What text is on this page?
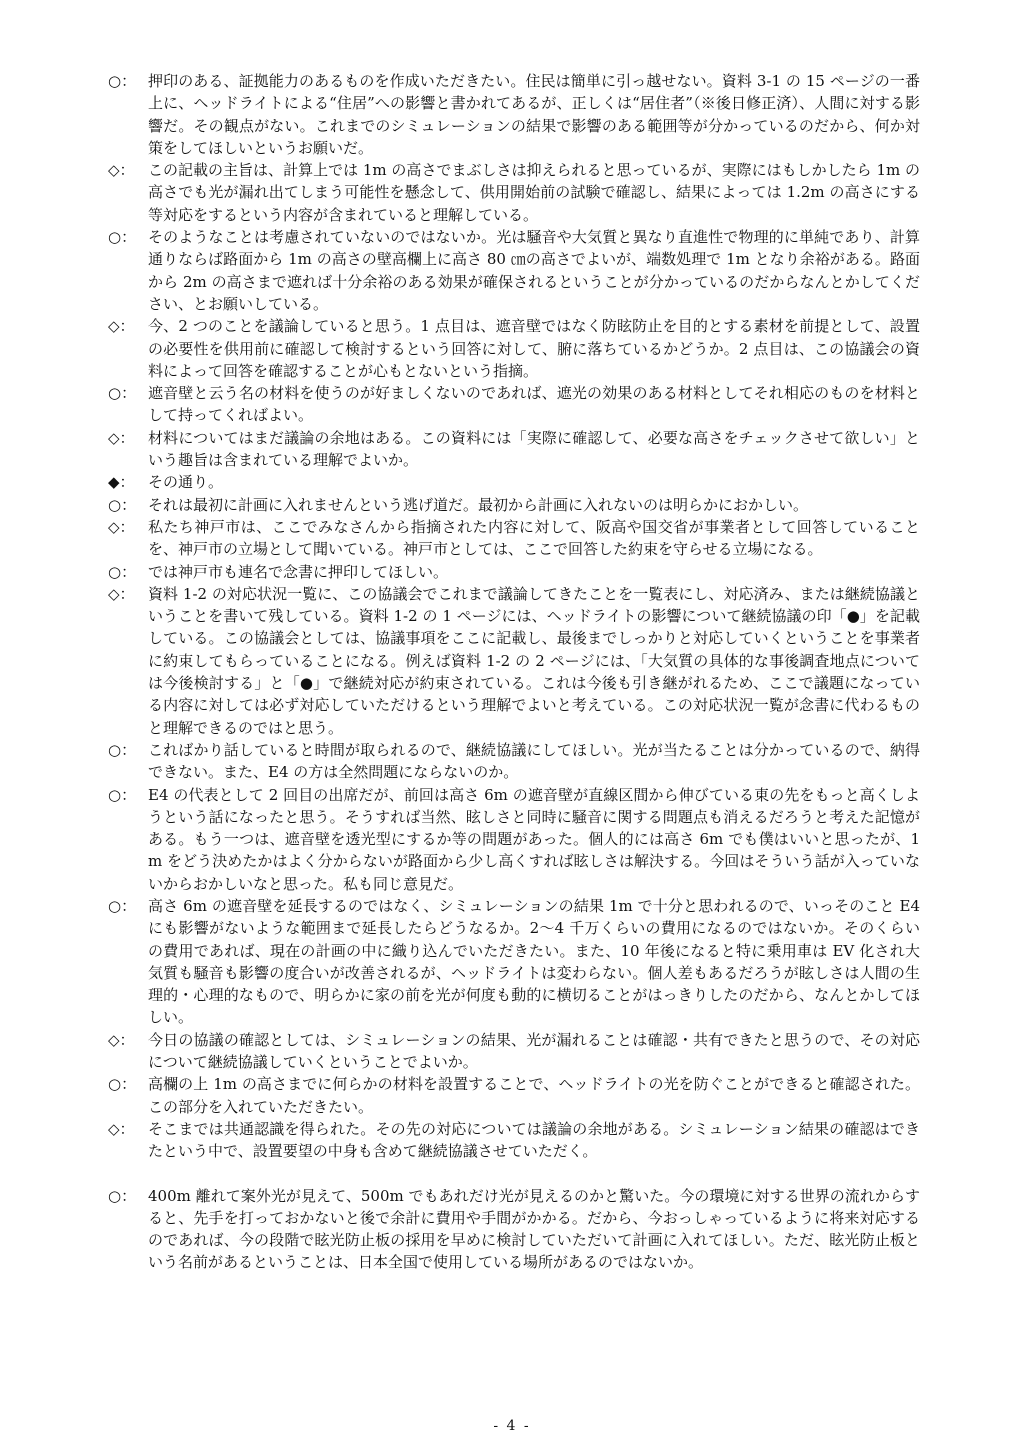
○： 押印のある、証拠能力のあるものを作成いただきたい。住民は簡単に引っ越せない。資料 3-1 の 15 ページの一番上に、ヘッドライトによる“住居”への影響と書かれてあるが、正しくは“居住者”（※後日修正済）、人間に対する影響だ。その観点がない。これまでのシミュレーションの結果で影響のある範囲等が分かっているのだから、何か対策をしてほしいというお願いだ。
◇： この記載の主旨は、計算上では 1m の高さでまぶしさは抑えられると思っているが、実際にはもしかしたら 1m の高さでも光が漏れ出てしまう可能性を懸念して、供用開始前の試験で確認し、結果によっては 1.2m の高さにする等対応をするという内容が含まれていると理解している。
○： そのようなことは考慮されていないのではないか。光は騒音や大気質と異なり直進性で物理的に単純であり、計算通りならば路面から 1m の高さの壁高欄上に高さ 80 ㎝の高さでよいが、端数処理で 1m となり余裕がある。路面から 2m の高さまで遮れば十分余裕のある効果が確保されるということが分かっているのだからなんとかしてください、とお願いしている。
◇： 今、2 つのことを議論していると思う。1 点目は、遮音壁ではなく防眩防止を目的とする素材を前提として、設置の必要性を供用前に確認して検討するという回答に対して、腑に落ちているかどうか。2 点目は、この協議会の資料によって回答を確認することが心もとないという指摘。
○： 遮音壁と云う名の材料を使うのが好ましくないのであれば、遮光の効果のある材料としてそれ相応のものを材料として持ってくればよい。
◇： 材料についてはまだ議論の余地はある。この資料には「実際に確認して、必要な高さをチェックさせて欲しい」という趣旨は含まれている理解でよいか。
◆： その通り。
○： それは最初に計画に入れませんという逃げ道だ。最初から計画に入れないのは明らかにおかしい。
◇： 私たち神戸市は、ここでみなさんから指摘された内容に対して、阪高や国交省が事業者として回答していることを、神戸市の立場として聞いている。神戸市としては、ここで回答した約束を守らせる立場になる。
○： では神戸市も連名で念書に押印してほしい。
◇： 資料 1-2 の対応状況一覧に、この協議会でこれまで議論してきたことを一覧表にし、対応済み、または継続協議ということを書いて残している。資料 1-2 の 1 ページには、ヘッドライトの影響について継続協議の印「●」を記載している。この協議会としては、協議事項をここに記載し、最後までしっかりと対応していくということを事業者に約束してもらっていることになる。例えば資料 1-2 の 2 ページには、「大気質の具体的な事後調査地点については今後検討する」と「●」で継続対応が約束されている。これは今後も引き継がれるため、ここで議題になっている内容に対しては必ず対応していただけるという理解でよいと考えている。この対応状況一覧が念書に代わるものと理解できるのではと思う。
○： こればかり話していると時間が取られるので、継続協議にしてほしい。光が当たることは分かっているので、納得できない。また、E4 の方は全然問題にならないのか。
○： E4 の代表として 2 回目の出席だが、前回は高さ 6m の遮音壁が直線区間から伸びている東の先をもっと高くしようという話になったと思う。そうすれば当然、眩しさと同時に騒音に関する問題点も消えるだろうと考えた記憶がある。もう一つは、遮音壁を透光型にするか等の問題があった。個人的には高さ 6m でも僕はいいと思ったが、1m をどう決めたかはよく分からないが路面から少し高くすれば眩しさは解決する。今回はそういう話が入っていないからおかしいなと思った。私も同じ意見だ。
○： 高さ 6m の遮音壁を延長するのではなく、シミュレーションの結果 1m で十分と思われるので、いっそのこと E4 にも影響がないような範囲まで延長したらどうなるか。2～4 千万くらいの費用になるのではないか。そのくらいの費用であれば、現在の計画の中に織り込んでいただきたい。また、10 年後になると特に乗用車は EV 化され大気質も騒音も影響の度合いが改善されるが、ヘッドライトは変わらない。個人差もあるだろうが眩しさは人間の生理的・心理的なもので、明らかに家の前を光が何度も動的に横切ることがはっきりしたのだから、なんとかしてほしい。
◇： 今日の協議の確認としては、シミュレーションの結果、光が漏れることは確認・共有できたと思うので、その対応について継続協議していくということでよいか。
○： 高欄の上 1m の高さまでに何らかの材料を設置することで、ヘッドライトの光を防ぐことができると確認された。この部分を入れていただきたい。
◇： そこまでは共通認識を得られた。その先の対応については議論の余地がある。シミュレーション結果の確認はできたという中で、設置要望の中身も含めて継続協議させていただく。
○： 400m 離れて案外光が見えて、500m でもあれだけ光が見えるのかと驚いた。今の環境に対する世界の流れからすると、先手を打っておかないと後で余計に費用や手間がかかる。だから、今おっしゃっているように将来対応するのであれば、今の段階で眩光防止板の採用を早めに検討していただいて計画に入れてほしい。ただ、眩光防止板という名前があるということは、日本全国で使用している場所があるのではないか。
- 4 -
